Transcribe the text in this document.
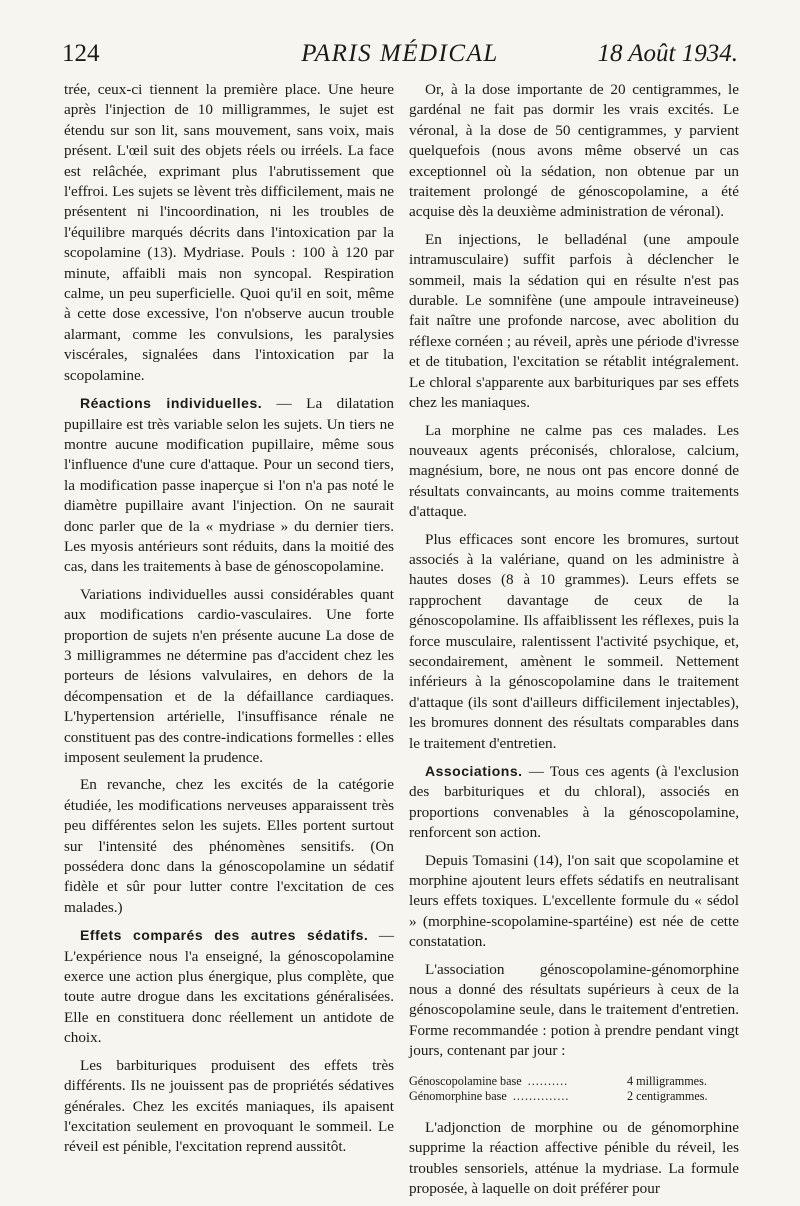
PARIS MÉDICAL
124	18 Août 1934.

trée, ceux-ci tiennent la première place. Une heure après l'injection de 10 milligrammes, le sujet est étendu sur son lit, sans mouvement, sans voix, mais présent. L'œil suit des objets réels ou irréels. La face est relâchée, exprimant plus l'abrutissement que l'effroi. Les sujets se lèvent très difficilement, mais ne présentent ni l'incoordination, ni les troubles de l'équilibre marqués décrits dans l'intoxication par la scopolamine (13). Mydriase. Pouls : 100 à 120 par minute, affaibli mais non syncopal. Respiration calme, un peu superficielle. Quoi qu'il en soit, même à cette dose excessive, l'on n'observe aucun trouble alarmant, comme les convulsions, les paralysies viscérales, signalées dans l'intoxication par la scopolamine.

Réactions individuelles. — La dilatation pupillaire est très variable selon les sujets. Un tiers ne montre aucune modification pupillaire, même sous l'influence d'une cure d'attaque. Pour un second tiers, la modification passe inaperçue si l'on n'a pas noté le diamètre pupillaire avant l'injection. On ne saurait donc parler que de la « mydriase » du dernier tiers. Les myosis antérieurs sont réduits, dans la moitié des cas, dans les traitements à base de génoscopolamine.

Variations individuelles aussi considérables quant aux modifications cardio-vasculaires. Une forte proportion de sujets n'en présente aucune La dose de 3 milligrammes ne détermine pas d'accident chez les porteurs de lésions valvulaires, en dehors de la décompensation et de la défaillance cardiaques. L'hypertension artérielle, l'insuffisance rénale ne constituent pas des contre-indications formelles : elles imposent seulement la prudence.

En revanche, chez les excités de la catégorie étudiée, les modifications nerveuses apparaissent très peu différentes selon les sujets. Elles portent surtout sur l'intensité des phénomènes sensitifs. (On possédera donc dans la génoscopolamine un sédatif fidèle et sûr pour lutter contre l'excitation de ces malades.)

Effets comparés des autres sédatifs. — L'expérience nous l'a enseigné, la génoscopolamine exerce une action plus énergique, plus complète, que toute autre drogue dans les excitations généralisées. Elle en constituera donc réellement un antidote de choix.

Les barbituriques produisent des effets très différents. Ils ne jouissent pas de propriétés sédatives générales. Chez les excités maniaques, ils apaisent l'excitation seulement en provoquant le sommeil. Le réveil est pénible, l'excitation reprend aussitôt.

Or, à la dose importante de 20 centigrammes, le gardénal ne fait pas dormir les vrais excités. Le véronal, à la dose de 50 centigrammes, y parvient quelquefois (nous avons même observé un cas exceptionnel où la sédation, non obtenue par un traitement prolongé de génoscopolamine, a été acquise dès la deuxième administration de véronal).

En injections, le belladénal (une ampoule intramusculaire) suffit parfois à déclencher le sommeil, mais la sédation qui en résulte n'est pas durable. Le somnifène (une ampoule intraveineuse) fait naître une profonde narcose, avec abolition du réflexe cornéen ; au réveil, après une période d'ivresse et de titubation, l'excitation se rétablit intégralement. Le chloral s'apparente aux barbituriques par ses effets chez les maniaques.

La morphine ne calme pas ces malades. Les nouveaux agents préconisés, chloralose, calcium, magnésium, bore, ne nous ont pas encore donné de résultats convaincants, au moins comme traitements d'attaque.

Plus efficaces sont encore les bromures, surtout associés à la valériane, quand on les administre à hautes doses (8 à 10 grammes). Leurs effets se rapprochent davantage de ceux de la génoscopolamine. Ils affaiblissent les réflexes, puis la force musculaire, ralentissent l'activité psychique, et, secondairement, amènent le sommeil. Nettement inférieurs à la génoscopolamine dans le traitement d'attaque (ils sont d'ailleurs difficilement injectables), les bromures donnent des résultats comparables dans le traitement d'entretien.

Associations. — Tous ces agents (à l'exclusion des barbituriques et du chloral), associés en proportions convenables à la génoscopolamine, renforcent son action.

Depuis Tomasini (14), l'on sait que scopolamine et morphine ajoutent leurs effets sédatifs en neutralisant leurs effets toxiques. L'excellente formule du « sédol » (morphine-scopolamine-spartéine) est née de cette constatation.

L'association génoscopolamine-génomorphine nous a donné des résultats supérieurs à ceux de la génoscopolamine seule, dans le traitement d'entretien. Forme recommandée : potion à prendre pendant vingt jours, contenant par jour :

Génoscopolamine base ..........	4 milligrammes.
Génomorphine base ..............	2 centigrammes.

L'adjonction de morphine ou de génomorphine supprime la réaction affective pénible du réveil, les troubles sensoriels, atténue la mydriase. La formule proposée, à laquelle on doit préférer pour
